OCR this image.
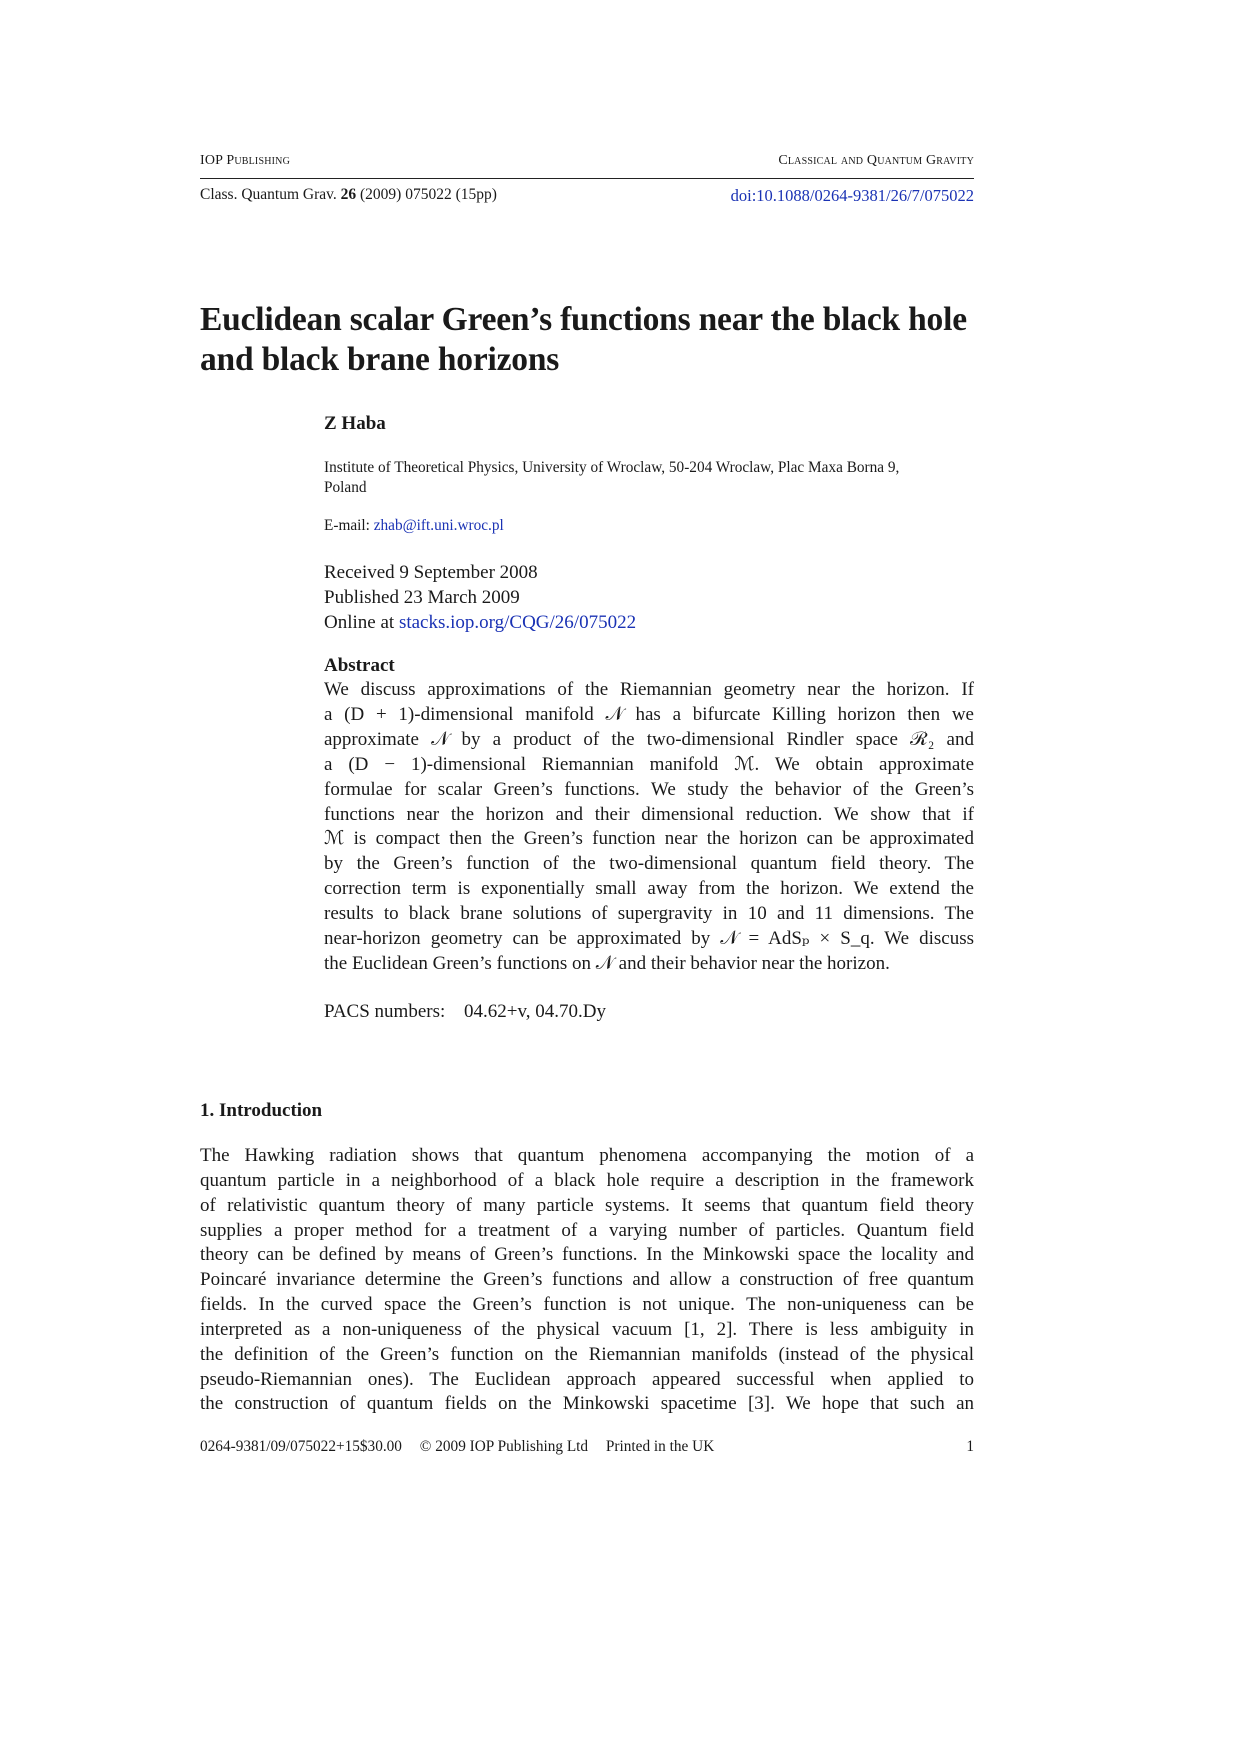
IOP Publishing	Classical and Quantum Gravity
Class. Quantum Grav. 26 (2009) 075022 (15pp)	doi:10.1088/0264-9381/26/7/075022
Euclidean scalar Green’s functions near the black hole
and black brane horizons
Z Haba
Institute of Theoretical Physics, University of Wroclaw, 50-204 Wroclaw, Plac Maxa Borna 9,
Poland
E-mail: zhab@ift.uni.wroc.pl
Received 9 September 2008
Published 23 March 2009
Online at stacks.iop.org/CQG/26/075022
Abstract

We discuss approximations of the Riemannian geometry near the horizon. If
a (D + 1)-dimensional manifold 𝒩 has a bifurcate Killing horizon then we
approximate 𝒩 by a product of the two-dimensional Rindler space ℛ₂ and
a (D − 1)-dimensional Riemannian manifold ℳ. We obtain approximate
formulae for scalar Green’s functions. We study the behavior of the Green’s
functions near the horizon and their dimensional reduction. We show that if
ℳ is compact then the Green’s function near the horizon can be approximated
by the Green’s function of the two-dimensional quantum field theory. The
correction term is exponentially small away from the horizon. We extend the
results to black brane solutions of supergravity in 10 and 11 dimensions. The
near-horizon geometry can be approximated by 𝒩 = AdSₚ × S_q. We discuss
the Euclidean Green’s functions on 𝒩 and their behavior near the horizon.

PACS numbers: 04.62+v, 04.70.Dy
1. Introduction

The Hawking radiation shows that quantum phenomena accompanying the motion of a
quantum particle in a neighborhood of a black hole require a description in the framework
of relativistic quantum theory of many particle systems. It seems that quantum field theory
supplies a proper method for a treatment of a varying number of particles. Quantum field
theory can be defined by means of Green’s functions. In the Minkowski space the locality and
Poincaré invariance determine the Green’s functions and allow a construction of free quantum
fields. In the curved space the Green’s function is not unique. The non-uniqueness can be
interpreted as a non-uniqueness of the physical vacuum [1, 2]. There is less ambiguity in
the definition of the Green’s function on the Riemannian manifolds (instead of the physical
pseudo-Riemannian ones). The Euclidean approach appeared successful when applied to
the construction of quantum fields on the Minkowski spacetime [3]. We hope that such an

0264-9381/09/075022+15$30.00 © 2009 IOP Publishing Ltd Printed in the UK	1
